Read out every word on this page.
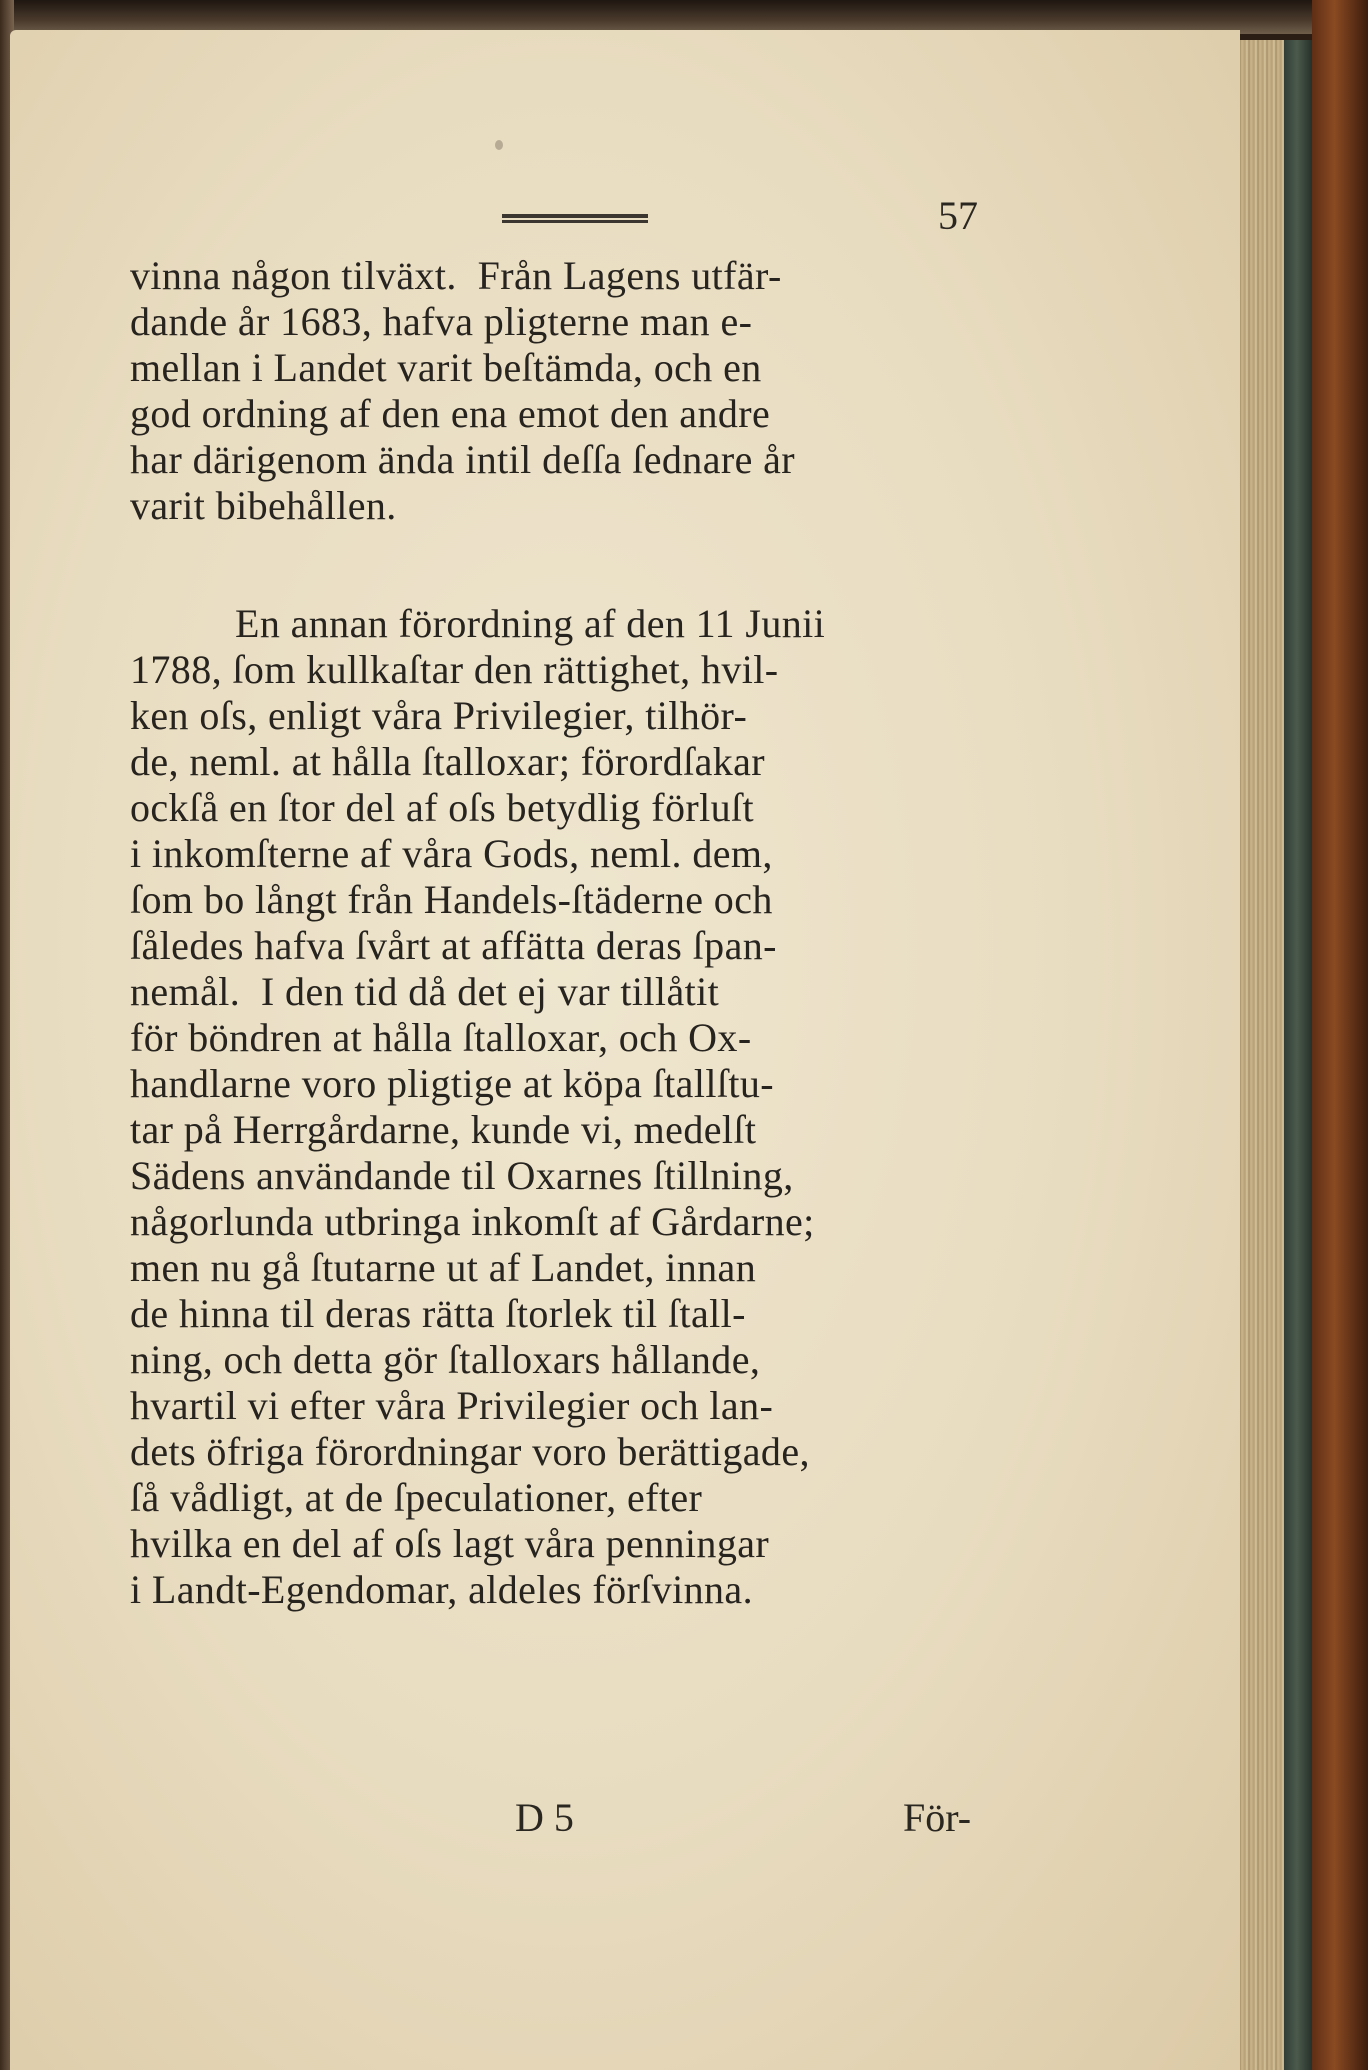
57
vinna någon tilväxt.  Från Lagens utfär-
dande år 1683, hafva pligterne man e-
mellan i Landet varit beſtämda, och en
god ordning af den ena emot den andre
har därigenom ända intil deſſa ſednare år
varit bibehållen.
En annan förordning af den 11 Junii
1788, ſom kullkaſtar den rättighet, hvil-
ken oſs, enligt våra Privilegier, tilhör-
de, neml. at hålla ſtalloxar; förordſakar
ockſå en ſtor del af oſs betydlig förluſt
i inkomſterne af våra Gods, neml. dem,
ſom bo långt från Handels-ſtäderne och
ſåledes hafva ſvårt at affätta deras ſpan-
nemål.  I den tid då det ej var tillåtit
för böndren at hålla ſtalloxar, och Ox-
handlarne voro pligtige at köpa ſtallſtu-
tar på Herrgårdarne, kunde vi, medelſt
Sädens användande til Oxarnes ſtillning,
någorlunda utbringa inkomſt af Gårdarne;
men nu gå ſtutarne ut af Landet, innan
de hinna til deras rätta ſtorlek til ſtall-
ning, och detta gör ſtalloxars hållande,
hvartil vi efter våra Privilegier och lan-
dets öfriga förordningar voro berättigade,
ſå vådligt, at de ſpeculationer, efter
hvilka en del af oſs lagt våra penningar
i Landt-Egendomar, aldeles förſvinna.
D 5	För-
